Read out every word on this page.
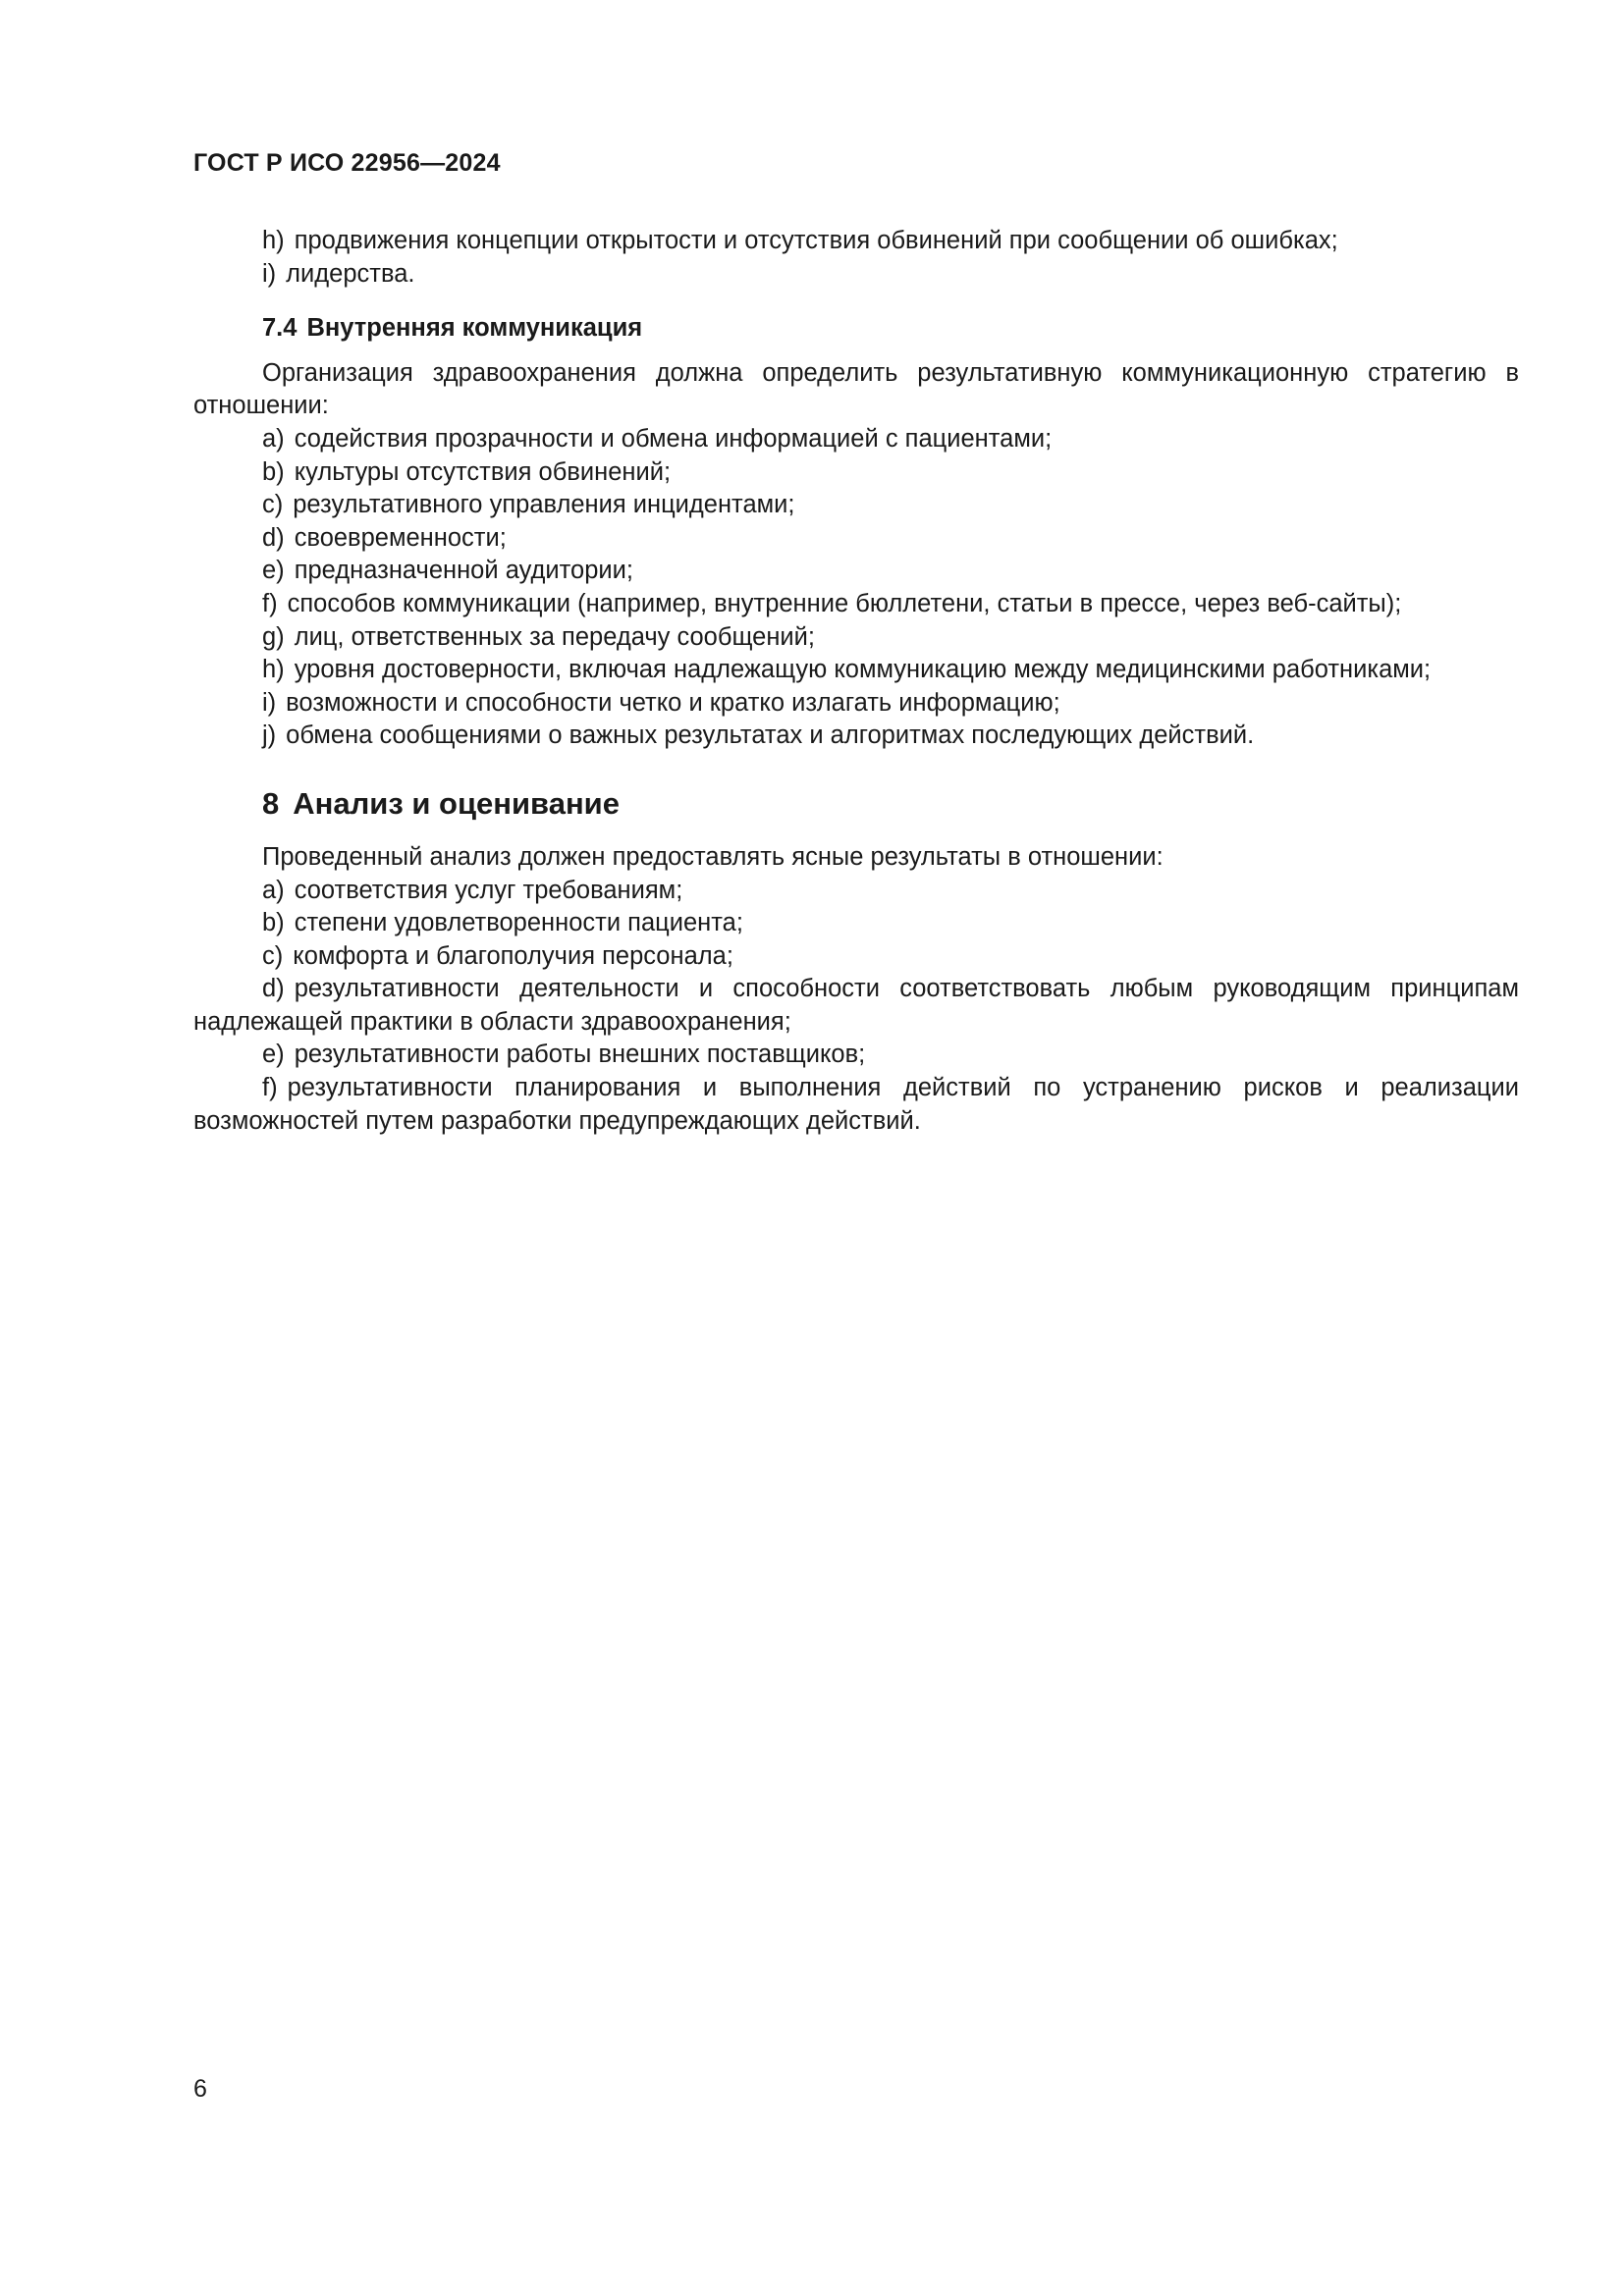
ГОСТ Р ИСО 22956—2024

h) продвижения концепции открытости и отсутствия обвинений при сообщении об ошибках;

i) лидерства.

7.4 Внутренняя коммуникация

Организация здравоохранения должна определить результативную коммуникационную стратегию в отношении:

a) содействия прозрачности и обмена информацией с пациентами;

b) культуры отсутствия обвинений;

c) результативного управления инцидентами;

d) своевременности;

e) предназначенной аудитории;

f) способов коммуникации (например, внутренние бюллетени, статьи в прессе, через веб-сайты);

g) лиц, ответственных за передачу сообщений;

h) уровня достоверности, включая надлежащую коммуникацию между медицинскими работниками;

i) возможности и способности четко и кратко излагать информацию;

j) обмена сообщениями о важных результатах и алгоритмах последующих действий.

8 Анализ и оценивание

Проведенный анализ должен предоставлять ясные результаты в отношении:

a) соответствия услуг требованиям;

b) степени удовлетворенности пациента;

c) комфорта и благополучия персонала;

d) результативности деятельности и способности соответствовать любым руководящим принципам надлежащей практики в области здравоохранения;

e) результативности работы внешних поставщиков;

f) результативности планирования и выполнения действий по устранению рисков и реализации возможностей путем разработки предупреждающих действий.

6
